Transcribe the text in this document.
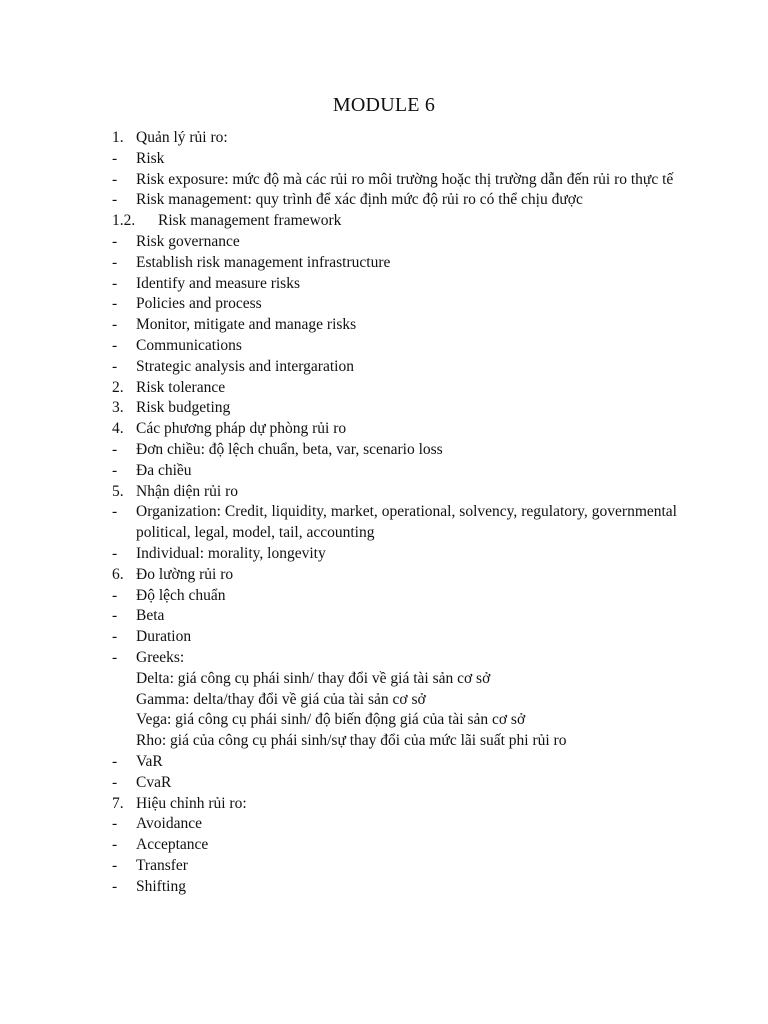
MODULE 6
1. Quản lý rủi ro:
- Risk
- Risk exposure: mức độ mà các rủi ro môi trường hoặc thị trường dẫn đến rủi ro thực tế
- Risk management: quy trình để xác định mức độ rủi ro có thể chịu được
1.2. Risk management framework
- Risk governance
- Establish risk management infrastructure
- Identify and measure risks
- Policies and process
- Monitor, mitigate and manage risks
- Communications
- Strategic analysis and intergaration
2. Risk tolerance
3. Risk budgeting
4. Các phương pháp dự phòng rủi ro
- Đơn chiều: độ lệch chuẩn, beta, var, scenario loss
- Đa chiều
5. Nhận diện rủi ro
- Organization: Credit, liquidity, market, operational, solvency, regulatory, governmental political, legal, model, tail, accounting
- Individual: morality, longevity
6. Đo lường rủi ro
- Độ lệch chuẩn
- Beta
- Duration
- Greeks:
Delta: giá công cụ phái sinh/ thay đổi về giá tài sản cơ sở
Gamma: delta/thay đổi về giá của tài sản cơ sở
Vega: giá công cụ phái sinh/ độ biến động giá của tài sản cơ sở
Rho: giá của công cụ phái sinh/sự thay đổi của mức lãi suất phi rủi ro
- VaR
- CvaR
7. Hiệu chỉnh rủi ro:
- Avoidance
- Acceptance
- Transfer
- Shifting
